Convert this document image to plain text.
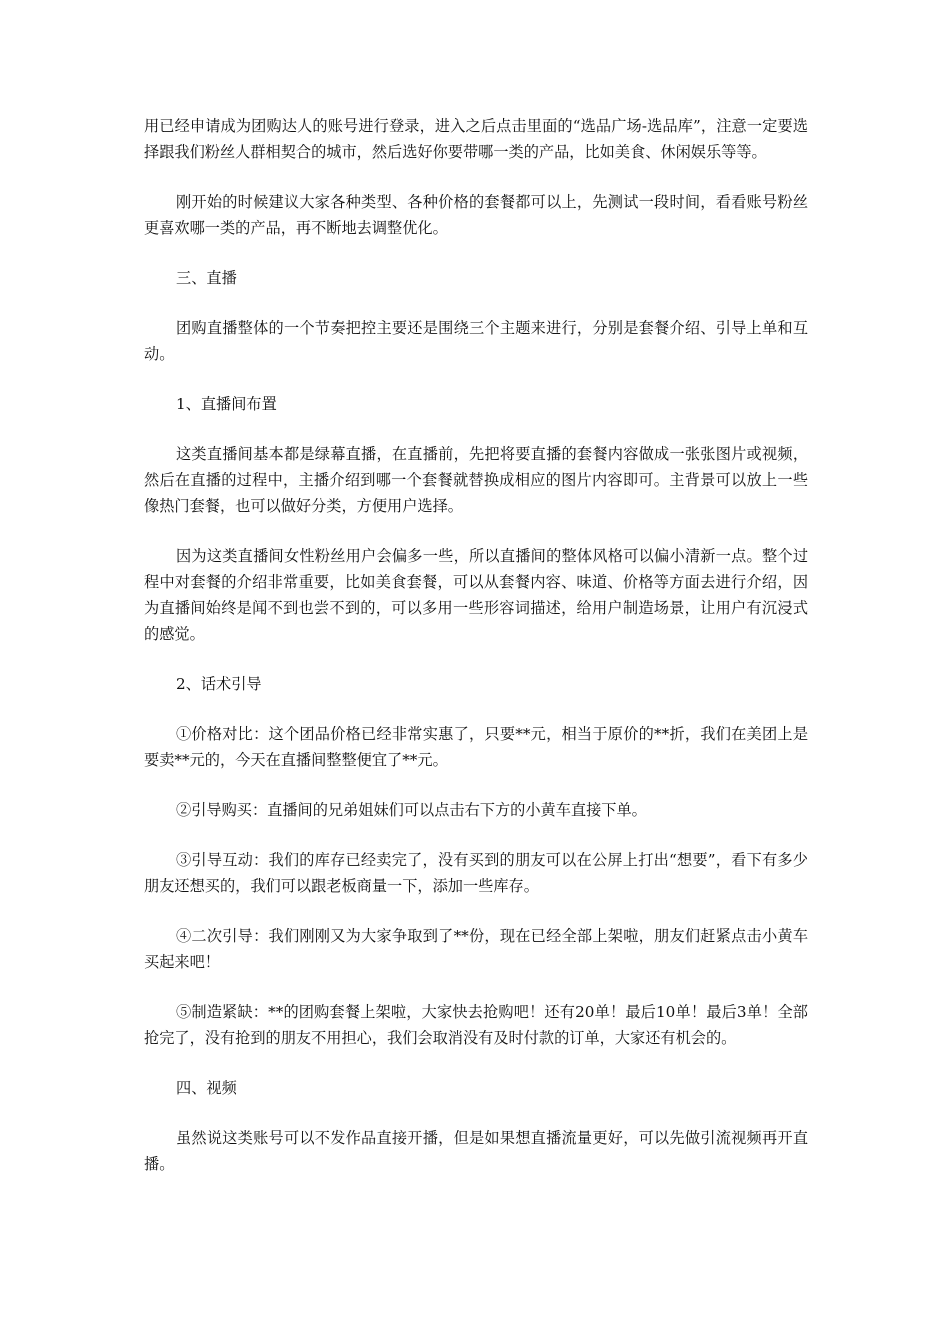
用已经申请成为团购达人的账号进行登录，进入之后点击里面的“选品广场-选品库”，注意一定要选择跟我们粉丝人群相契合的城市，然后选好你要带哪一类的产品，比如美食、休闲娱乐等等。

刚开始的时候建议大家各种类型、各种价格的套餐都可以上，先测试一段时间，看看账号粉丝更喜欢哪一类的产品，再不断地去调整优化。

三、直播

团购直播整体的一个节奏把控主要还是围绕三个主题来进行，分别是套餐介绍、引导上单和互动。

1、直播间布置

这类直播间基本都是绿幕直播，在直播前，先把将要直播的套餐内容做成一张张图片或视频，然后在直播的过程中，主播介绍到哪一个套餐就替换成相应的图片内容即可。主背景可以放上一些像热门套餐，也可以做好分类，方便用户选择。

因为这类直播间女性粉丝用户会偏多一些，所以直播间的整体风格可以偏小清新一点。整个过程中对套餐的介绍非常重要，比如美食套餐，可以从套餐内容、味道、价格等方面去进行介绍，因为直播间始终是闻不到也尝不到的，可以多用一些形容词描述，给用户制造场景，让用户有沉浸式的感觉。

2、话术引导

①价格对比：这个团品价格已经非常实惠了，只要**元，相当于原价的**折，我们在美团上是要卖**元的，今天在直播间整整便宜了**元。

②引导购买：直播间的兄弟姐妹们可以点击右下方的小黄车直接下单。

③引导互动：我们的库存已经卖完了，没有买到的朋友可以在公屏上打出“想要”，看下有多少朋友还想买的，我们可以跟老板商量一下，添加一些库存。

④二次引导：我们刚刚又为大家争取到了**份，现在已经全部上架啦，朋友们赶紧点击小黄车买起来吧！

⑤制造紧缺：**的团购套餐上架啦，大家快去抢购吧！还有20单！最后10单！最后3单！全部抢完了，没有抢到的朋友不用担心，我们会取消没有及时付款的订单，大家还有机会的。

四、视频

虽然说这类账号可以不发作品直接开播，但是如果想直播流量更好，可以先做引流视频再开直播。
